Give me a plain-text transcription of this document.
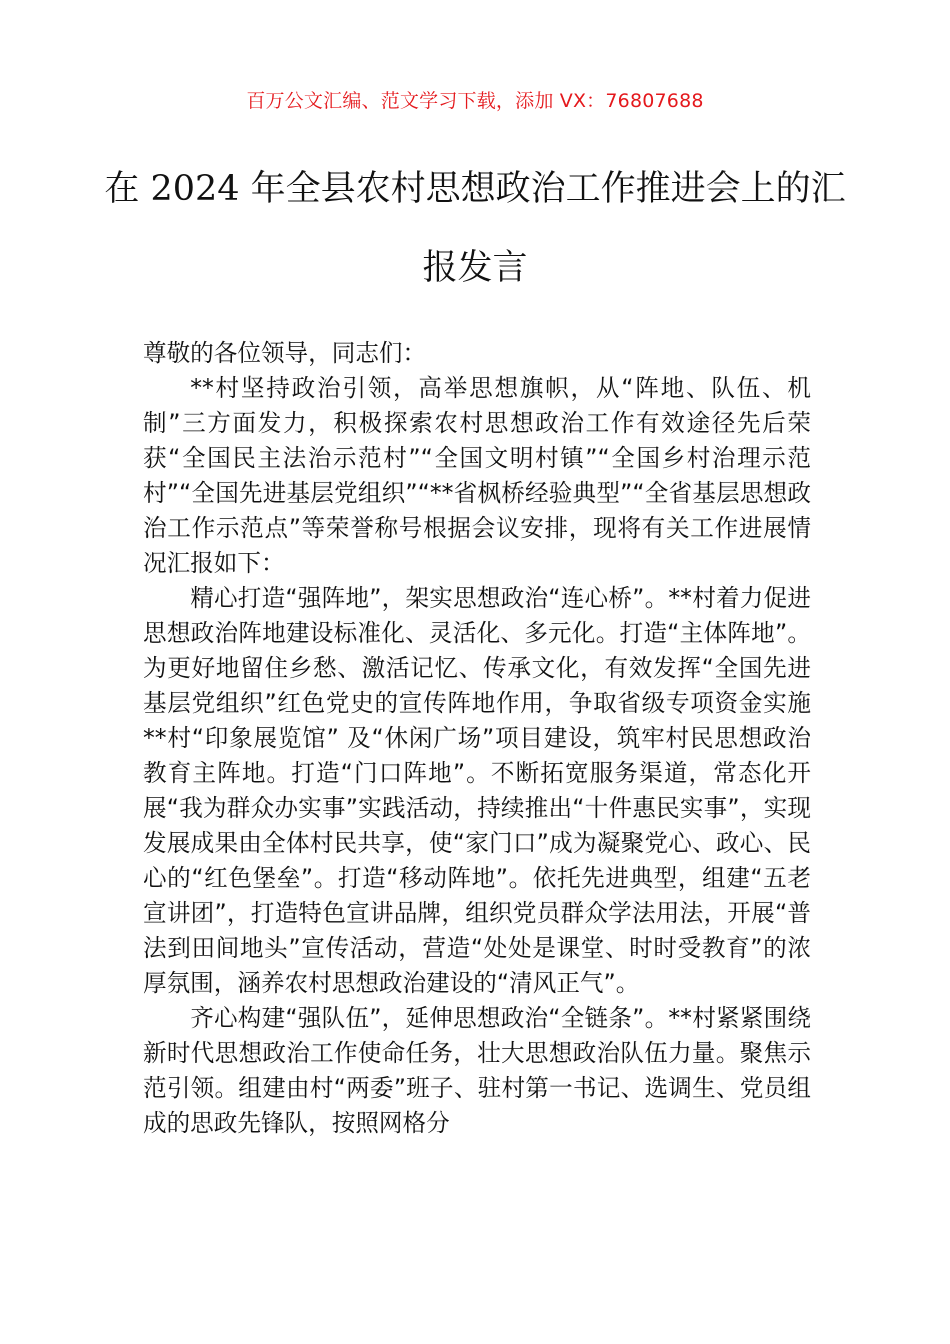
百万公文汇编、范文学习下载，添加 VX：76807688
在 2024 年全县农村思想政治工作推进会上的汇报发言

尊敬的各位领导，同志们：

**村坚持政治引领，高举思想旗帜，从“阵地、队伍、机制”三方面发力，积极探索农村思想政治工作有效途径先后荣获“全国民主法治示范村”“全国文明村镇”“全国乡村治理示范村”“全国先进基层党组织”“**省枫桥经验典型”“全省基层思想政治工作示范点”等荣誉称号根据会议安排，现将有关工作进展情况汇报如下：

精心打造“强阵地”，架实思想政治“连心桥”。**村着力促进思想政治阵地建设标准化、灵活化、多元化。打造“主体阵地”。为更好地留住乡愁、激活记忆、传承文化，有效发挥“全国先进基层党组织”红色党史的宣传阵地作用，争取省级专项资金实施**村“印象展览馆” 及“休闲广场”项目建设，筑牢村民思想政治教育主阵地。打造“门口阵地”。不断拓宽服务渠道，常态化开展“我为群众办实事”实践活动，持续推出“十件惠民实事”，实现发展成果由全体村民共享，使“家门口”成为凝聚党心、政心、民心的“红色堡垒”。打造“移动阵地”。依托先进典型，组建“五老宣讲团”，打造特色宣讲品牌，组织党员群众学法用法，开展“普法到田间地头”宣传活动，营造“处处是课堂、时时受教育”的浓厚氛围，涵养农村思想政治建设的“清风正气”。

齐心构建“强队伍”，延伸思想政治“全链条”。**村紧紧围绕新时代思想政治工作使命任务，壮大思想政治队伍力量。聚焦示范引领。组建由村“两委”班子、驻村第一书记、选调生、党员组成的思政先锋队，按照网格分
